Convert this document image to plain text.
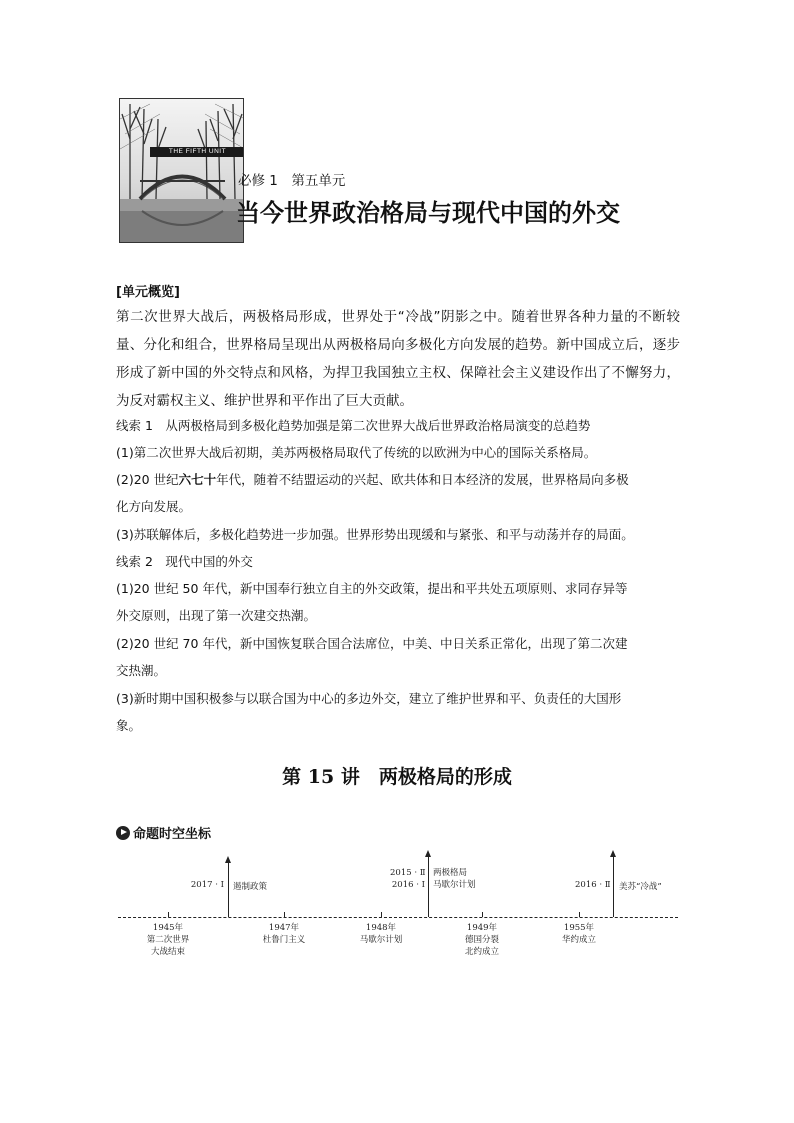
THE FIFTH UNIT
必修 1　第五单元
当今世界政治格局与现代中国的外交
[单元概览]

第二次世界大战后，两极格局形成，世界处于“冷战”阴影之中。随着世界各种力量的不断较量、分化和组合，世界格局呈现出从两极格局向多极化方向发展的趋势。新中国成立后，逐步形成了新中国的外交特点和风格，为捍卫我国独立主权、保障社会主义建设作出了不懈努力，为反对霸权主义、维护世界和平作出了巨大贡献。

线索 1　从两极格局到多极化趋势加强是第二次世界大战后世界政治格局演变的总趋势
(1)第二次世界大战后初期，美苏两极格局取代了传统的以欧洲为中心的国际关系格局。
(2)20 世纪六七十年代，随着不结盟运动的兴起、欧共体和日本经济的发展，世界格局向多极
化方向发展。
(3)苏联解体后，多极化趋势进一步加强。世界形势出现缓和与紧张、和平与动荡并存的局面。
线索 2　现代中国的外交
(1)20 世纪 50 年代，新中国奉行独立自主的外交政策，提出和平共处五项原则、求同存异等
外交原则，出现了第一次建交热潮。
(2)20 世纪 70 年代，新中国恢复联合国合法席位，中美、中日关系正常化，出现了第二次建
交热潮。
(3)新时期中国积极参与以联合国为中心的多边外交，建立了维护世界和平、负责任的大国形
象。
第 15 讲　两极格局的形成
命题时空坐标
1945年
第二次世界
大战结束
1947年
杜鲁门主义
1948年
马歇尔计划
1949年
德国分裂
北约成立
1955年
华约成立
2017 · Ⅰ 遏制政策
2015 · Ⅱ
2016 · Ⅰ
两极格局
马歇尔计划	2016 · Ⅱ 美苏“冷战”
